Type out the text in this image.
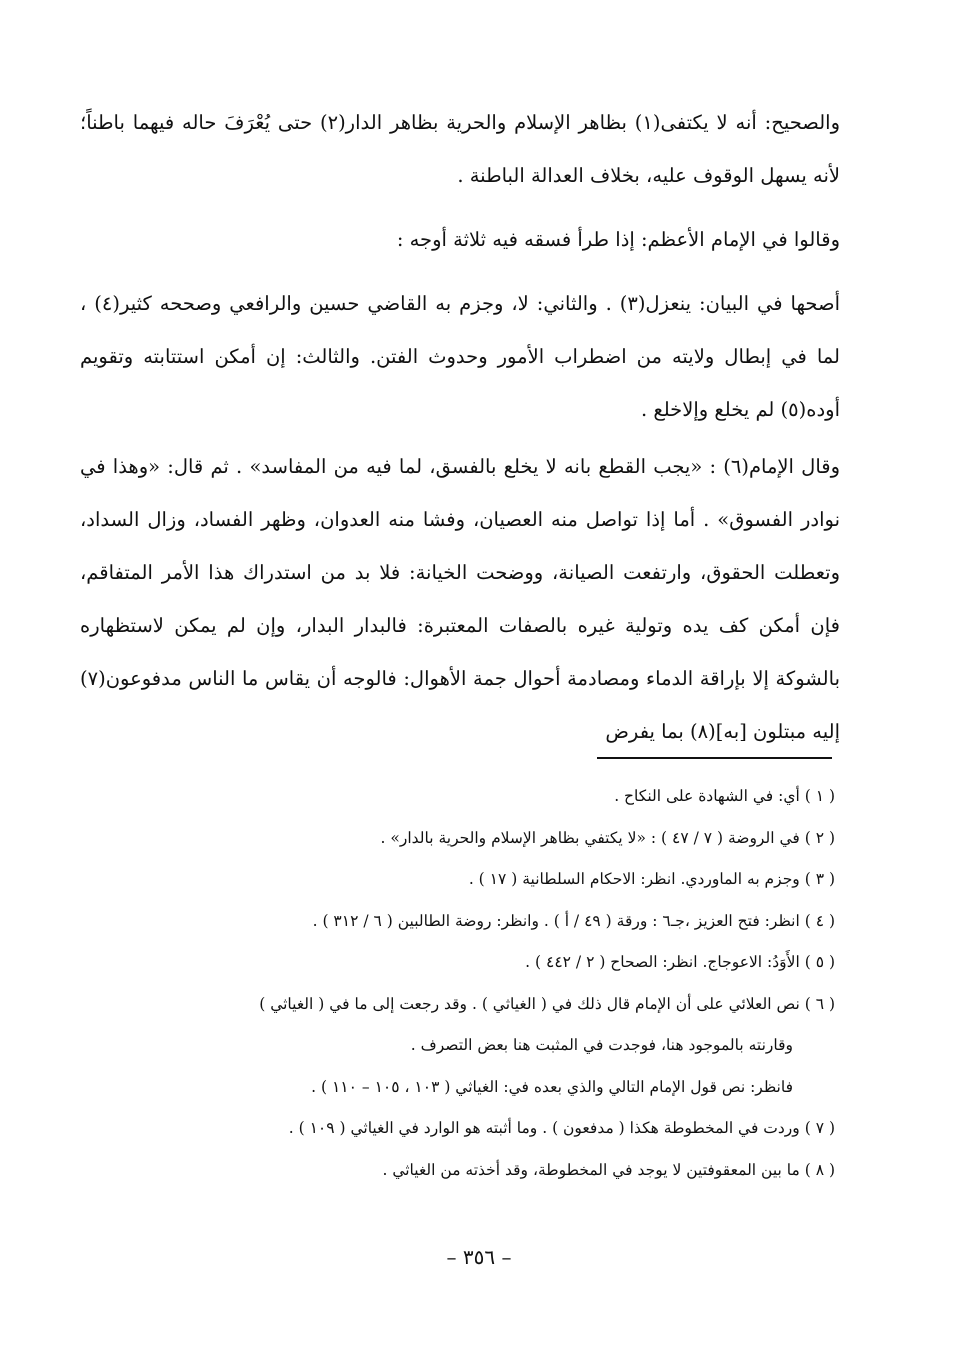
والصحيح: أنه لا يكتفى(١) بظاهر الإسلام والحرية بظاهر الدار(٢) حتى يُعْرَفَ حاله فيهما باطناً؛ لأنه يسهل الوقوف عليه، بخلاف العدالة الباطنة .

وقالوا في الإمام الأعظم: إذا طرأ فسقه فيه ثلاثة أوجه :

أصحها في البيان: ينعزل(٣) . والثاني: لا، وجزم به القاضي حسين والرافعي وصححه كثير(٤) ، لما في إبطال ولايته من اضطراب الأمور وحدوث الفتن. والثالث: إن أمكن استتابته وتقويم أوده(٥) لم يخلع وإلاخلع .

وقال الإمام(٦) : «يجب القطع بانه لا يخلع بالفسق، لما فيه من المفاسد» . ثم قال: «وهذا في نوادر الفسوق» . أما إذا تواصل منه العصيان، وفشا منه العدوان، وظهر الفساد، وزال السداد، وتعطلت الحقوق، وارتفعت الصيانة، ووضحت الخيانة: فلا بد من استدراك هذا الأمر المتفاقم، فإن أمكن كف يده وتولية غيره بالصفات المعتبرة: فالبدار البدار، وإن لم يمكن لاستظهاره بالشوكة إلا بإراقة الدماء ومصادمة أحوال جمة الأهوال: فالوجه أن يقاس ما الناس مدفوعون(٧) إليه مبتلون [به](٨) بما يفرض

( ١ ) أي: في الشهادة على النكاح .

( ٢ ) في الروضة ( ٧ / ٤٧ ) : «لا يكتفي بظاهر الإسلام والحرية بالدار» .

( ٣ ) وجزم به الماوردي. انظر: الاحكام السلطانية ( ١٧ ) .

( ٤ ) انظر: فتح العزيز ،جـ٦ : ورقة ( ٤٩ / أ ) . وانظر: روضة الطالبين ( ٦ / ٣١٢ ) .

( ٥ ) الأَوَدُ: الاعوجاج. انظر: الصحاح ( ٢ / ٤٤٢ ) .

( ٦ ) نص العلائي على أن الإمام قال ذلك في ( الغياثي ) . وقد رجعت إلى ما في ( الغياثي )

وقارنته بالموجود هنا، فوجدت في المثبت هنا بعض التصرف .

فانظر: نص قول الإمام التالي والذي بعده في: الغياثي ( ١٠٣ ، ١٠٥ – ١١٠ ) .

( ٧ ) وردت في المخطوطة هكذا ( مدفعون ) . وما أثبته هو الوارد في الغياثي ( ١٠٩ ) .

( ٨ ) ما بين المعقوفتين لا يوجد في المخطوطة، وقد أخذته من الغياثي .

– ٣٥٦ –
